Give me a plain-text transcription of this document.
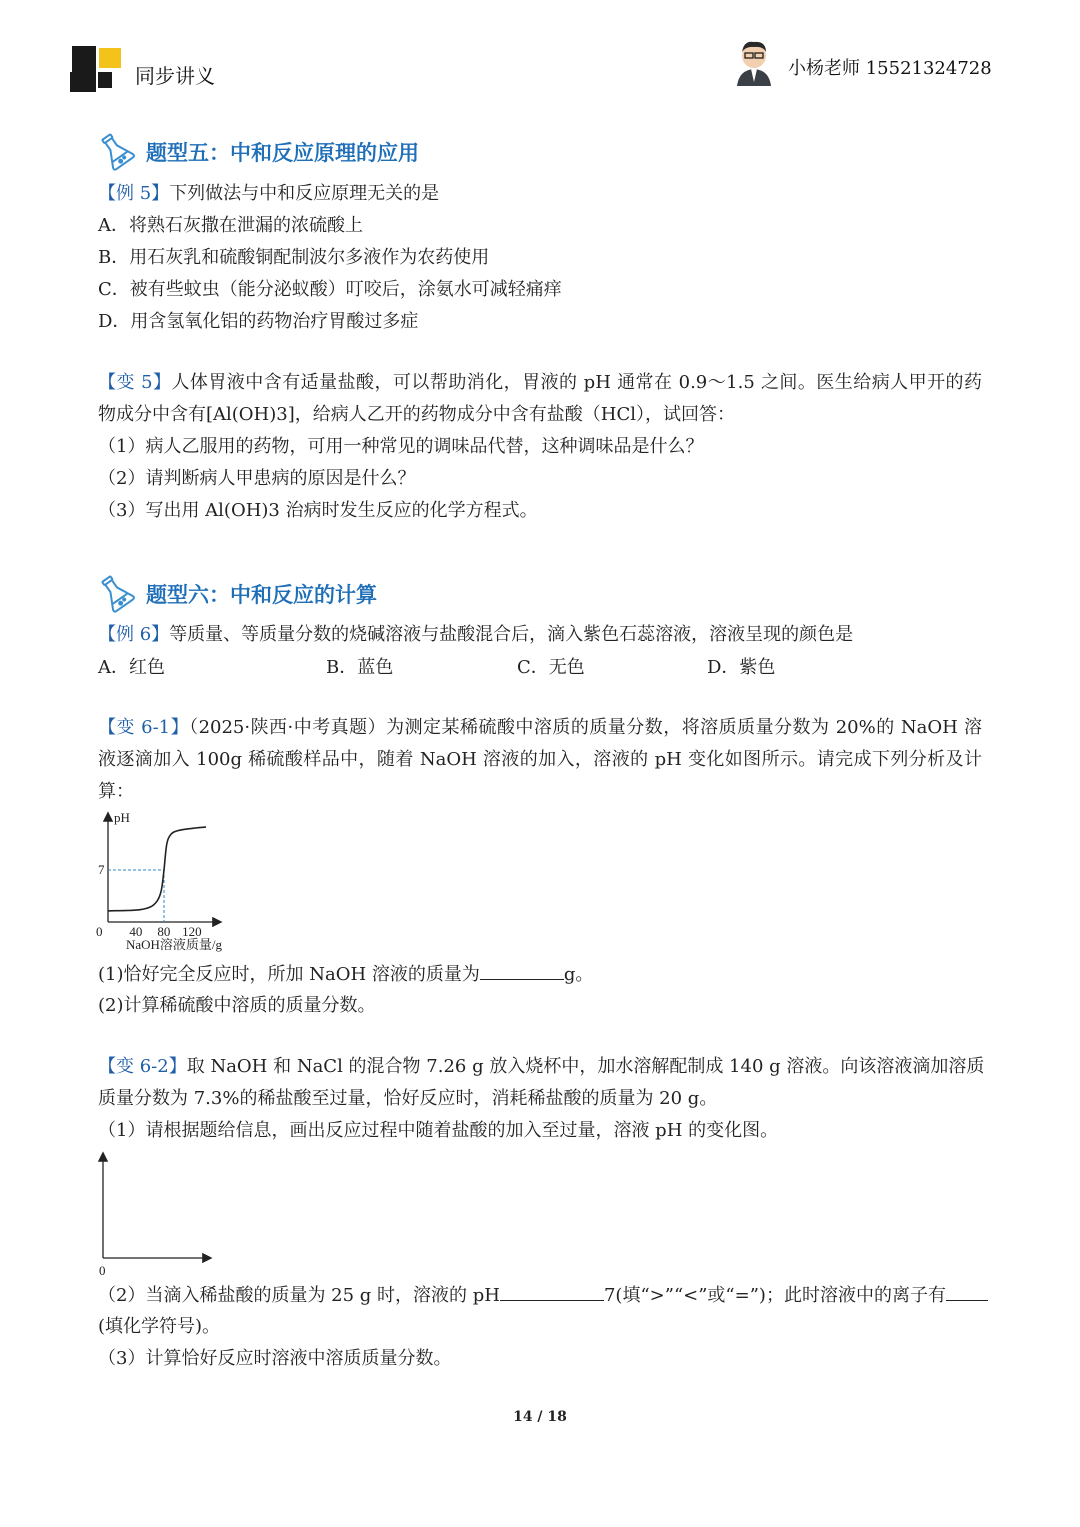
同步讲义	小杨老师 15521324728
题型五：中和反应原理的应用
【例 5】下列做法与中和反应原理无关的是
A．将熟石灰撒在泄漏的浓硫酸上
B．用石灰乳和硫酸铜配制波尔多液作为农药使用
C．被有些蚊虫（能分泌蚁酸）叮咬后，涂氨水可减轻痛痒
D．用含氢氧化铝的药物治疗胃酸过多症
【变 5】人体胃液中含有适量盐酸，可以帮助消化，胃液的 pH 通常在 0.9～1.5 之间。医生给病人甲开的药
物成分中含有[Al(OH)3]，给病人乙开的药物成分中含有盐酸（HCl），试回答：
（1）病人乙服用的药物，可用一种常见的调味品代替，这种调味品是什么？
（2）请判断病人甲患病的原因是什么？
（3）写出用 Al(OH)3 治病时发生反应的化学方程式。
题型六：中和反应的计算
【例 6】等质量、等质量分数的烧碱溶液与盐酸混合后，滴入紫色石蕊溶液，溶液呈现的颜色是
A．红色	B．蓝色	C．无色	D．紫色
【变 6-1】（2025·陕西·中考真题）为测定某稀硫酸中溶质的质量分数，将溶质质量分数为 20%的 NaOH 溶
液逐滴加入 100g 稀硫酸样品中，随着 NaOH 溶液的加入，溶液的 pH 变化如图所示。请完成下列分析及计
算：
pH
7
0 40 80 120
NaOH溶液质量/g
(1)恰好完全反应时，所加 NaOH 溶液的质量为	g。
(2)计算稀硫酸中溶质的质量分数。
【变 6-2】取 NaOH 和 NaCl 的混合物 7.26 g 放入烧杯中，加水溶解配制成 140 g 溶液。向该溶液滴加溶质
质量分数为 7.3%的稀盐酸至过量，恰好反应时，消耗稀盐酸的质量为 20 g。
（1）请根据题给信息，画出反应过程中随着盐酸的加入至过量，溶液 pH 的变化图。
0
（2）当滴入稀盐酸的质量为 25 g 时，溶液的 pH	7(填“>”“<”或“=”)；此时溶液中的离子有
(填化学符号)。
（3）计算恰好反应时溶液中溶质质量分数。
14 / 18
